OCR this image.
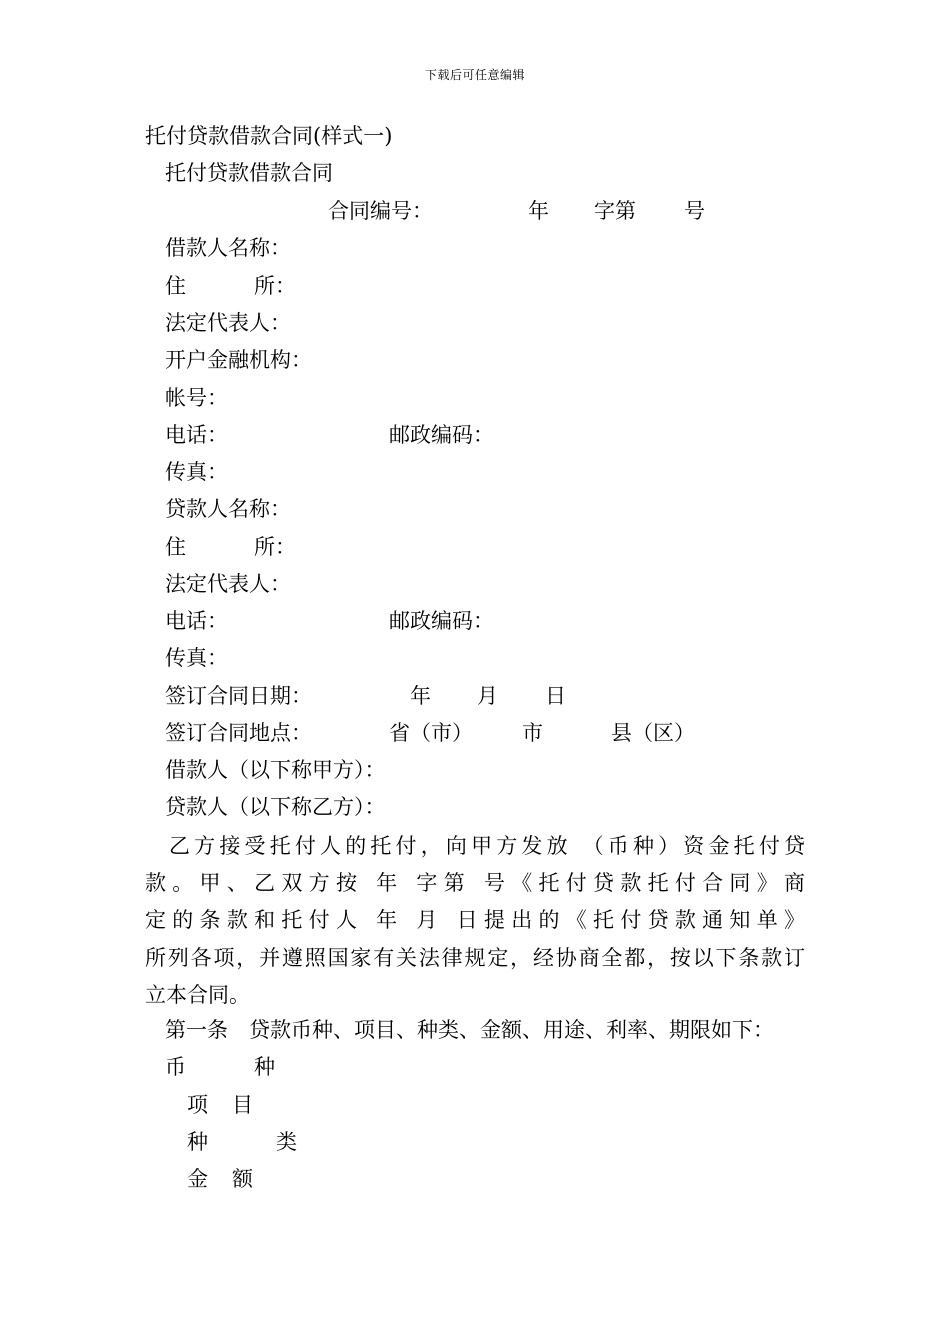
下载后可任意编辑
托付贷款借款合同(样式一)
托付贷款借款合同
合同编号：	年 字第 号
借款人名称：
住	所：
法定代表人：
开户金融机构：
帐号：
电话：	邮政编码：
传真：
贷款人名称：
住	所：
法定代表人：
电话：	邮政编码：
传真：
签订合同日期：	年 月 日
签订合同地点：	省（市） 市	县（区）
借款人（以下称甲方）：
贷款人（以下称乙方）：
乙方接受托付人的托付，向甲方发放 （币种）资金托付贷
款。甲、乙双方按 年 字第 号《托付贷款托付合同》商
定的条款和托付人 年 月 日提出的《托付贷款通知单》
所列各项，并遵照国家有关法律规定，经协商全都，按以下条款订
立本合同。
第一条　贷款币种、项目、种类、金额、用途、利率、期限如下：
币	种
项 目
种	类
金 额
